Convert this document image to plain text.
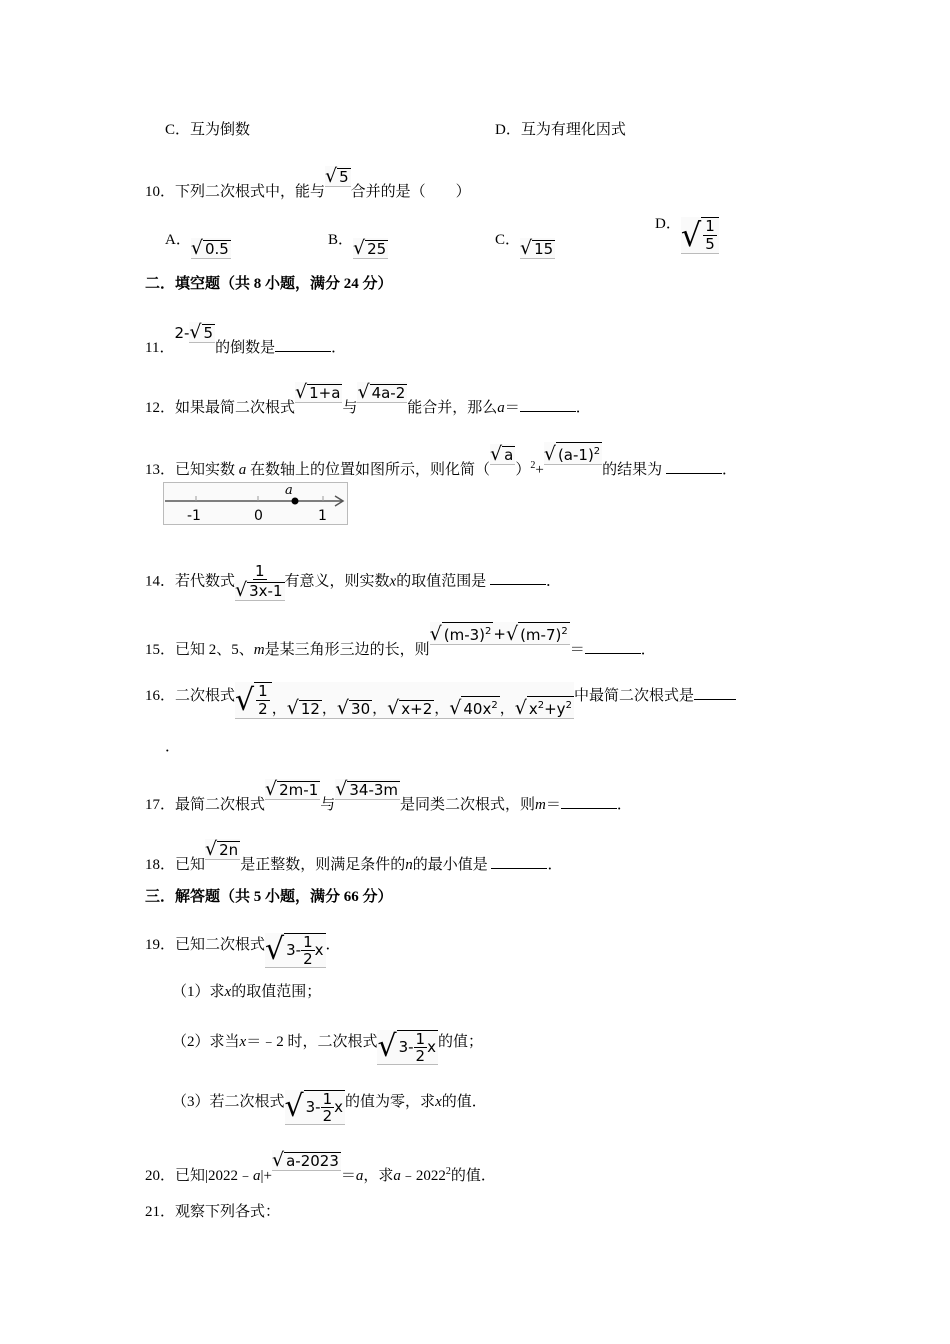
C．互为倒数	D．互为有理化因式
10．下列二次根式中，能与
√ 5
合并的是（　　）
A． √ 0.5	B． √ 25	C． √ 15
D． √ $\frac{1}{5}$
二．填空题（共 8 小题，满分 24 分）
11．2- √ 5
的倒数是	．
12．如果最简二次根式
√ 1+a
与
√ 4a-2
能合并，那么a＝	．
13．已知实数 a 在数轴上的位置如图所示，则化简（
√ a
）$^2$+
√ $(a-1)^2$
的结果为	．
a
-1	0	1
14．若代数式 $\frac{1}{√ 3x-1}$ 有意义，则实数x的取值范围是	．
15．已知 2、5、m是某三角形三边的长，则
√ $(m-3)^2$ + √ $(m-7)^2$
＝	．
16．二次根式 √ $\frac{1}{2}$ ， √ 12 ， √ 30 ， √ x+2 ， √ $40x^2$ ， √ $x^2+y^2$
中最简二次根式是
．
17．最简二次根式
√ 2m-1
与
√ 34-3m
是同类二次根式，则m＝	．
18．已知
√ 2n
是正整数，则满足条件的n的最小值是	．
三．解答题（共 5 小题，满分 66 分）
19．已知二次根式 √ $3- \frac{1}{2}$ x ．
（1）求x的取值范围；
（2）求当x＝﹣2 时，二次根式 √ $3- \frac{1}{2}$ x 的值；
（3）若二次根式 √ $3- \frac{1}{2}$ x 的值为零，求x的值．
20．已知|2022﹣a|+
√ a-2023
＝a，求a﹣2022$^2$的值．
21．观察下列各式：
